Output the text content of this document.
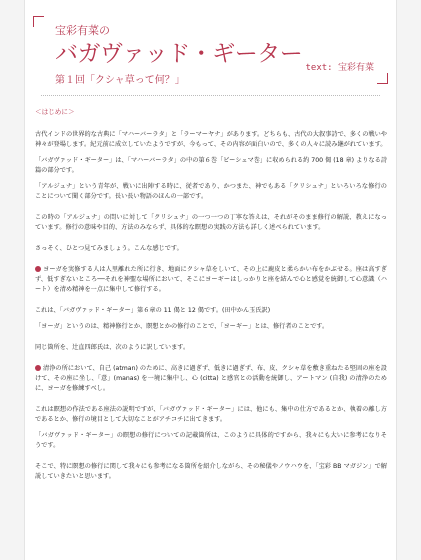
宝彩有菜の
バガヴァッド・ギーター
第１回「クシャ草って何？」
text: 宝彩有菜
＜はじめに＞

古代インドの世界的な古典に「マハーバーラタ」と「ラーマーヤナ」があります。どちらも、古代の大叙事詩で、多くの戦いや神々が登場します。紀元前に成立していたようですが、今もって、その内容が面白いので、多くの人々に読み継がれています。

「バガヴァッド・ギーター」は、「マハーバーラタ」の中の第６巻「ビーシュマ巻」に収められる約 700 偈 (18 章) よりなる詩篇の部分です。

「アルジュナ」という青年が、戦いに出陣する時に、従者であり、かつまた、神でもある「クリシュナ」といろいろな修行のことについて聞く部分です。長い長い物語のほんの一部です。

この時の「アルジュナ」の問いに対して「クリシュナ」の一つ一つの丁寧な答えは、それがそのまま修行の解説、教えになっています。修行の意味や目的、方法のみならず、具体的な瞑想の実践の方法も詳しく述べられています。

さっそく、ひとつ見てみましょう。こんな感じです。

ヨーガを実修する人は人里離れた所に行き、地面にクシャ草をしいて、その上に鹿皮と柔らかい布をかぶせる。座は高すぎず、低すぎないところ──それを神聖な場所において、そこにヨーギーはしっかりと座を結んで心と感覚を統御して心意識（ハート）を清め精神を一点に集中して修行する。

これは、「バガヴァッド・ギーター」第６章の 11 偈と 12 偈です。(田中かん玉氏訳)

「ヨーガ」というのは、精神修行とか、瞑想とかの修行のことで、「ヨーギー」とは、修行者のことです。

同じ箇所を、辻直四郎氏は、次のように訳しています。

清浄の所において、自己 (atman) のために、高きに過ぎず、低きに過ぎず、布、皮、クシャ草を敷き重ねたる堅固の座を設けて、その座に坐し、「意」(manas) を一境に集中し、心 (citta) と感官との活動を統御し、アートマン (自我) の清浄のために、ヨーガを修練すべし。

これは瞑想の作法である座法の説明ですが、「バガヴァッド・ギーター」には、他にも、集中の仕方であるとか、執着の離し方であるとか、修行の境目として大切なことがアチコチに出てきます。

「バガヴァッド・ギーター」の瞑想の修行についての記載箇所は、このように具体的ですから、我々にも大いに参考になりそうです。

そこで、特に瞑想の修行に関して我々にも参考になる箇所を紹介しながら、その秘儀やノウハウを、「宝彩 BB マガジン」で解説していきたいと思います。
